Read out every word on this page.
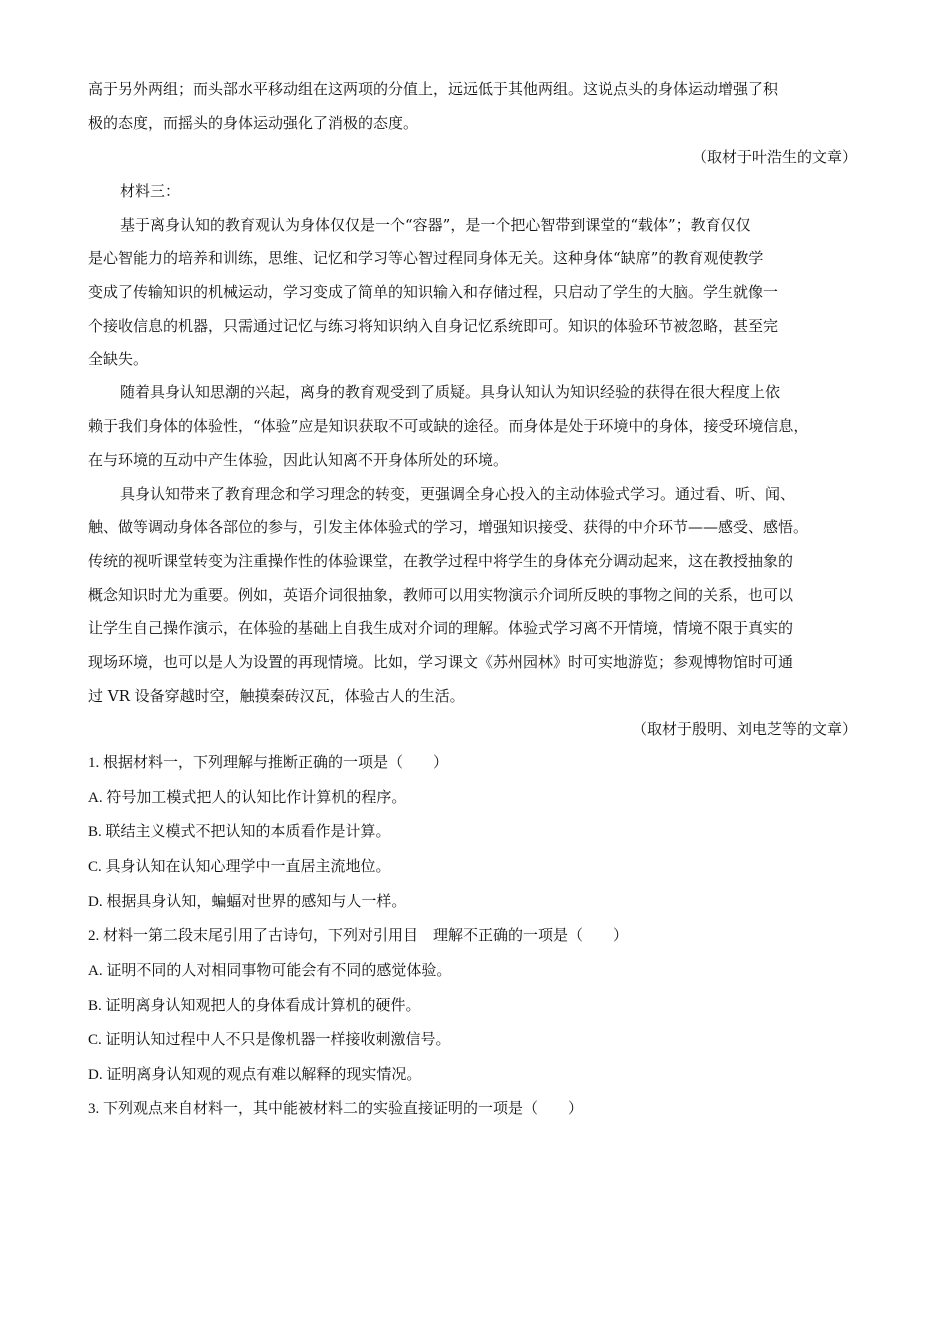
高于另外两组；而头部水平移动组在这两项的分值上，远远低于其他两组。这说点头的身体运动增强了积
极的态度，而摇头的身体运动强化了消极的态度。
（取材于叶浩生的文章）
材料三：
基于离身认知的教育观认为身体仅仅是一个“容器”，是一个把心智带到课堂的“载体”；教育仅仅
是心智能力的培养和训练，思维、记忆和学习等心智过程同身体无关。这种身体“缺席”的教育观使教学
变成了传输知识的机械运动，学习变成了简单的知识输入和存储过程，只启动了学生的大脑。学生就像一
个接收信息的机器，只需通过记忆与练习将知识纳入自身记忆系统即可。知识的体验环节被忽略，甚至完
全缺失。
随着具身认知思潮的兴起，离身的教育观受到了质疑。具身认知认为知识经验的获得在很大程度上依
赖于我们身体的体验性，“体验”应是知识获取不可或缺的途径。而身体是处于环境中的身体，接受环境信息，
在与环境的互动中产生体验，因此认知离不开身体所处的环境。
具身认知带来了教育理念和学习理念的转变，更强调全身心投入的主动体验式学习。通过看、听、闻、
触、做等调动身体各部位的参与，引发主体体验式的学习，增强知识接受、获得的中介环节——感受、感悟。
传统的视听课堂转变为注重操作性的体验课堂，在教学过程中将学生的身体充分调动起来，这在教授抽象的
概念知识时尤为重要。例如，英语介词很抽象，教师可以用实物演示介词所反映的事物之间的关系，也可以
让学生自己操作演示，在体验的基础上自我生成对介词的理解。体验式学习离不开情境，情境不限于真实的
现场环境，也可以是人为设置的再现情境。比如，学习课文《苏州园林》时可实地游览；参观博物馆时可通
过 VR 设备穿越时空，触摸秦砖汉瓦，体验古人的生活。
（取材于殷明、刘电芝等的文章）
1. 根据材料一，下列理解与推断正确的一项是（　　）
A. 符号加工模式把人的认知比作计算机的程序。
B. 联结主义模式不把认知的本质看作是计算。
C. 具身认知在认知心理学中一直居主流地位。
D. 根据具身认知，蝙蝠对世界的感知与人一样。
2. 材料一第二段末尾引用了古诗句，下列对引用目　理解不正确的一项是（　　）
A. 证明不同的人对相同事物可能会有不同的感觉体验。
B. 证明离身认知观把人的身体看成计算机的硬件。
C. 证明认知过程中人不只是像机器一样接收刺激信号。
D. 证明离身认知观的观点有难以解释的现实情况。
3. 下列观点来自材料一，其中能被材料二的实验直接证明的一项是（　　）
